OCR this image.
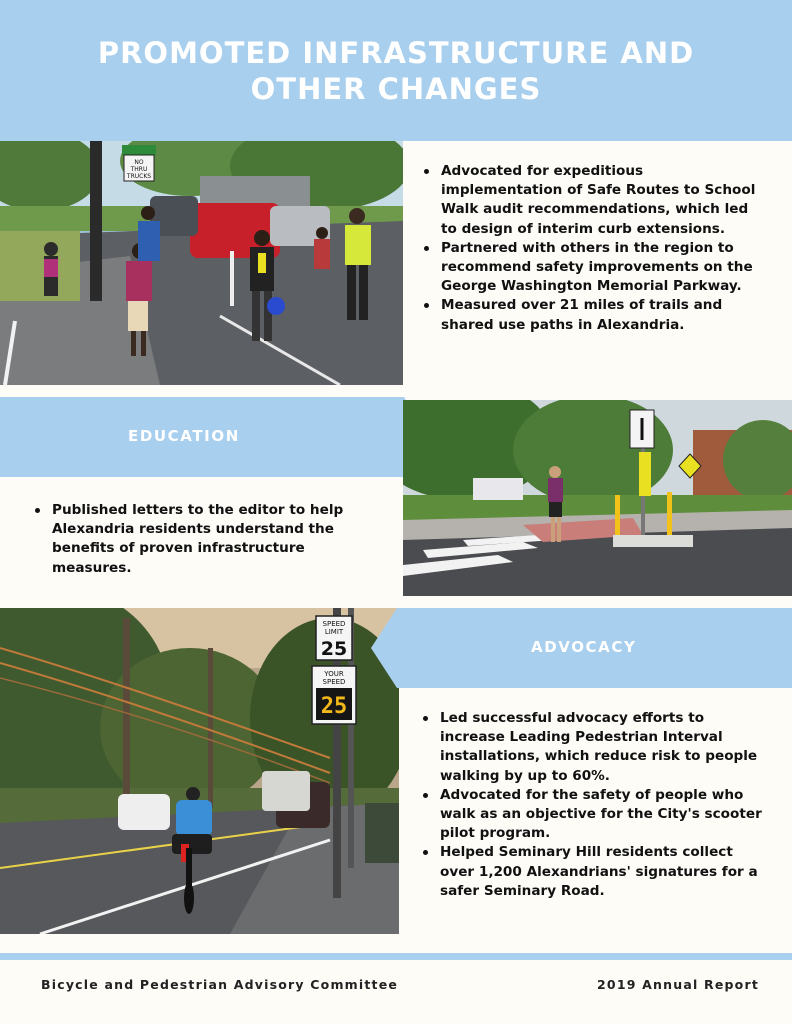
PROMOTED INFRASTRUCTURE AND
OTHER CHANGES
NO
THRU
TRUCKS	Advocated for expeditious implementation of Safe Routes to School Walk audit recommendations, which led to design of interim curb extensions.
Partnered with others in the region to recommend safety improvements on the George Washington Memorial Parkway.
Measured over 21 miles of trails and shared use paths in Alexandria.
EDUCATION
Published letters to the editor to help Alexandria residents understand the benefits of proven infrastructure measures.
SPEED
LIMIT
25
YOUR
SPEED
25
ADVOCACY
Led successful advocacy efforts to increase Leading Pedestrian Interval installations, which reduce risk to people walking by up to 60%.
Advocated for the safety of people who walk as an objective for the City's scooter pilot program.
Helped Seminary Hill residents collect over 1,200 Alexandrians' signatures for a safer Seminary Road.
Bicycle and Pedestrian Advisory Committee	2019 Annual Report
